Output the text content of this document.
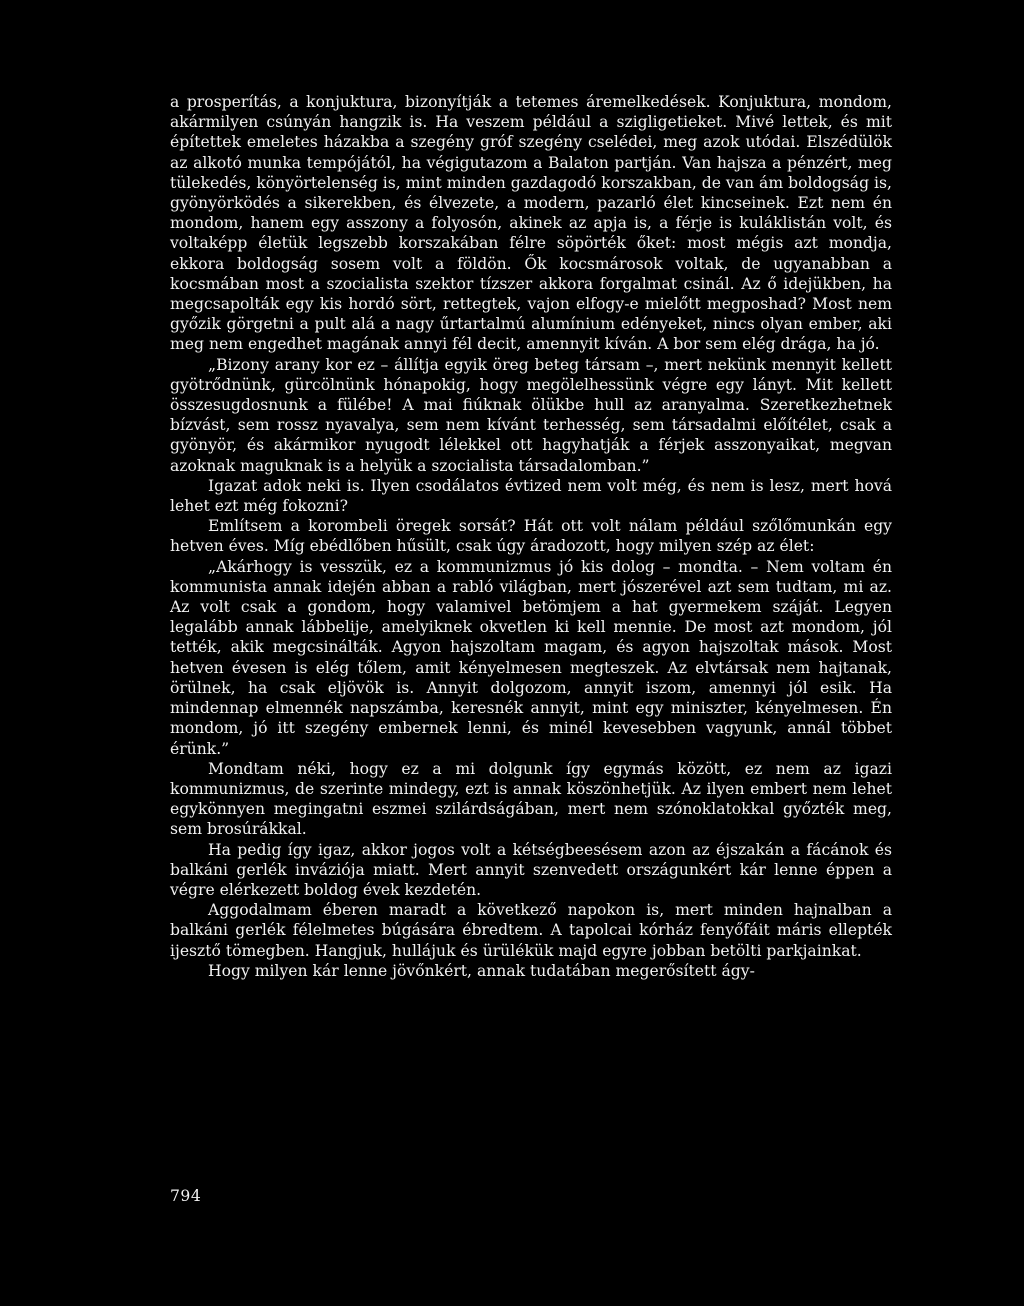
a prosperítás, a konjuktura, bizonyítják a tetemes áremelkedések. Konjuktura, mondom, akármilyen csúnyán hangzik is. Ha veszem például a szigligetieket. Mivé lettek, és mit építettek emeletes házakba a szegény gróf szegény cselédei, meg azok utódai. Elszédülök az alkotó munka tempójától, ha végigutazom a Balaton partján. Van hajsza a pénzért, meg tülekedés, könyörtelenség is, mint minden gazdagodó korszakban, de van ám boldogság is, gyönyörködés a sikerekben, és élvezete, a modern, pazarló élet kincseinek. Ezt nem én mondom, hanem egy asszony a folyosón, akinek az apja is, a férje is kuláklistán volt, és voltaképp életük legszebb korszakában félre söpörték őket: most mégis azt mondja, ekkora boldogság sosem volt a földön. Ők kocsmárosok voltak, de ugyanabban a kocsmában most a szocialista szektor tízszer akkora forgalmat csinál. Az ő idejükben, ha megcsapolták egy kis hordó sört, rettegtek, vajon elfogy-e mielőtt megposhad? Most nem győzik görgetni a pult alá a nagy űrtartalmú alumínium edényeket, nincs olyan ember, aki meg nem engedhet magának annyi fél decit, amennyit kíván. A bor sem elég drága, ha jó.

„Bizony arany kor ez – állítja egyik öreg beteg társam –, mert nekünk mennyit kellett gyötrődnünk, gürcölnünk hónapokig, hogy megölelhessünk végre egy lányt. Mit kellett összesugdosnunk a fülébe! A mai fiúknak ölükbe hull az aranyalma. Szeretkezhetnek bízvást, sem rossz nyavalya, sem nem kívánt terhesség, sem társadalmi előítélet, csak a gyönyör, és akármikor nyugodt lélekkel ott hagyhatják a férjek asszonyaikat, megvan azoknak maguknak is a helyük a szocialista társadalomban.”

Igazat adok neki is. Ilyen csodálatos évtized nem volt még, és nem is lesz, mert hová lehet ezt még fokozni?

Említsem a korombeli öregek sorsát? Hát ott volt nálam például szőlőmunkán egy hetven éves. Míg ebédlőben hűsült, csak úgy áradozott, hogy milyen szép az élet:

„Akárhogy is vesszük, ez a kommunizmus jó kis dolog – mondta. – Nem voltam én kommunista annak idején abban a rabló világban, mert jószerével azt sem tudtam, mi az. Az volt csak a gondom, hogy valamivel betömjem a hat gyermekem száját. Legyen legalább annak lábbelije, amelyiknek okvetlen ki kell mennie. De most azt mondom, jól tették, akik megcsinálták. Agyon hajszoltam magam, és agyon hajszoltak mások. Most hetven évesen is elég tőlem, amit kényelmesen megteszek. Az elvtársak nem hajtanak, örülnek, ha csak eljövök is. Annyit dolgozom, annyit iszom, amennyi jól esik. Ha mindennap elmennék napszámba, keresnék annyit, mint egy miniszter, kényelmesen. Én mondom, jó itt szegény embernek lenni, és minél kevesebben vagyunk, annál többet érünk.”

Mondtam néki, hogy ez a mi dolgunk így egymás között, ez nem az igazi kommunizmus, de szerinte mindegy, ezt is annak köszönhetjük. Az ilyen embert nem lehet egykönnyen megingatni eszmei szilárdságában, mert nem szónoklatokkal győzték meg, sem brosúrákkal.

Ha pedig így igaz, akkor jogos volt a kétségbeesésem azon az éjszakán a fácánok és balkáni gerlék inváziója miatt. Mert annyit szenvedett országunkért kár lenne éppen a végre elérkezett boldog évek kezdetén.

Aggodalmam éberen maradt a következő napokon is, mert minden hajnalban a balkáni gerlék félelmetes búgására ébredtem. A tapolcai kórház fenyőfáit máris ellepték ijesztő tömegben. Hangjuk, hullájuk és ürülékük majd egyre jobban betölti parkjainkat.

Hogy milyen kár lenne jövőnkért, annak tudatában megerősített ágy-

794
